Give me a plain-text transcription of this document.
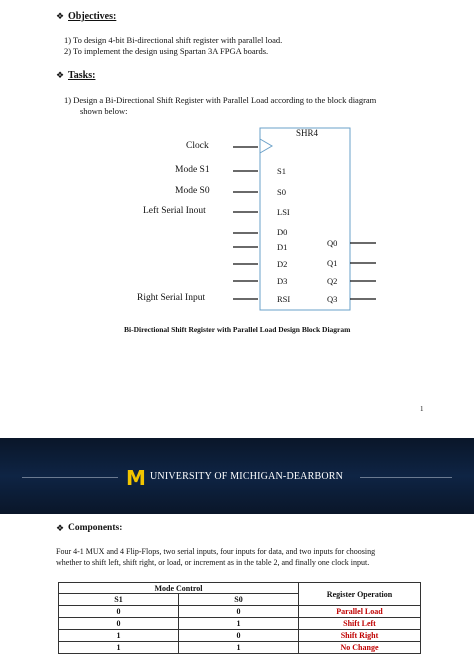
❖ Objectives:
1) To design 4-bit Bi-directional shift register with parallel load.
2) To implement the design using Spartan 3A FPGA boards.
❖ Tasks:
1) Design a Bi-Directional Shift Register with Parallel Load according to the block diagram
shown below:
SHR4
Clock
Mode S1
Mode S0
Left Serial Inout
Right Serial Input
S1
S0
LSI
D0
D1
D2
D3
RSI
Q0
Q1
Q2
Q3
Bi-Directional Shift Register with Parallel Load Design Block Diagram
1
M UNIVERSITY OF MICHIGAN-DEARBORN
❖ Components:
Four 4-1 MUX and 4 Flip-Flops, two serial inputs, four inputs for data, and two inputs for choosing
whether to shift left, shift right, or load, or increment as in the table 2, and finally one clock input.
Mode Control		Register Operation
S1	S0	
0	0	Parallel Load
0	1	Shift Left
1	0	Shift Right
1	1	No Change
